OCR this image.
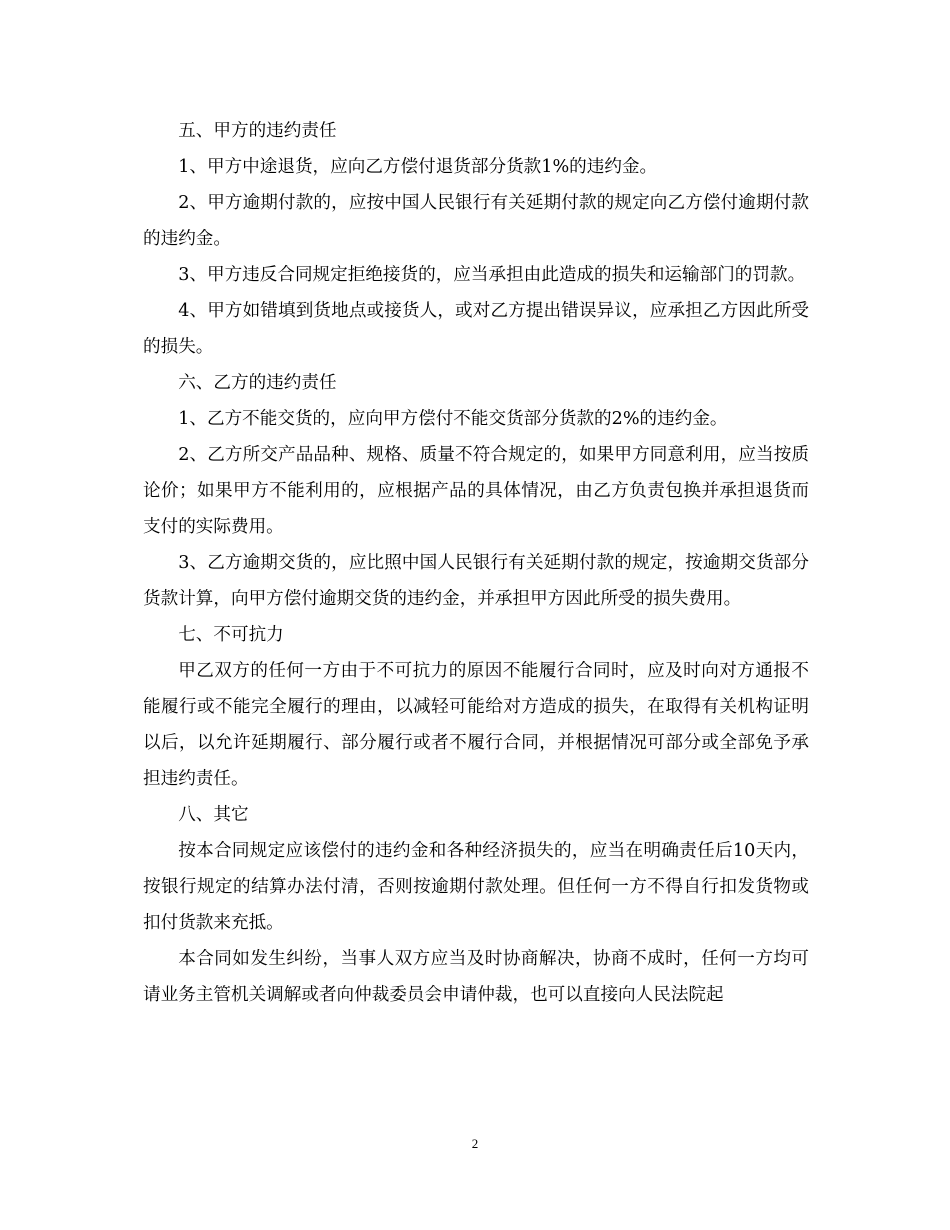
五、甲方的违约责任

1、甲方中途退货，应向乙方偿付退货部分货款1%的违约金。

2、甲方逾期付款的，应按中国人民银行有关延期付款的规定向乙方偿付逾期付款的违约金。

3、甲方违反合同规定拒绝接货的，应当承担由此造成的损失和运输部门的罚款。

4、甲方如错填到货地点或接货人，或对乙方提出错误异议，应承担乙方因此所受的损失。

六、乙方的违约责任

1、乙方不能交货的，应向甲方偿付不能交货部分货款的2%的违约金。

2、乙方所交产品品种、规格、质量不符合规定的，如果甲方同意利用，应当按质论价；如果甲方不能利用的，应根据产品的具体情况，由乙方负责包换并承担退货而支付的实际费用。

3、乙方逾期交货的，应比照中国人民银行有关延期付款的规定，按逾期交货部分货款计算，向甲方偿付逾期交货的违约金，并承担甲方因此所受的损失费用。

七、不可抗力

甲乙双方的任何一方由于不可抗力的原因不能履行合同时，应及时向对方通报不能履行或不能完全履行的理由，以减轻可能给对方造成的损失，在取得有关机构证明以后，以允许延期履行、部分履行或者不履行合同，并根据情况可部分或全部免予承担违约责任。

八、其它

按本合同规定应该偿付的违约金和各种经济损失的，应当在明确责任后10天内，按银行规定的结算办法付清，否则按逾期付款处理。但任何一方不得自行扣发货物或扣付货款来充抵。

本合同如发生纠纷，当事人双方应当及时协商解决，协商不成时，任何一方均可请业务主管机关调解或者向仲裁委员会申请仲裁，也可以直接向人民法院起

2
